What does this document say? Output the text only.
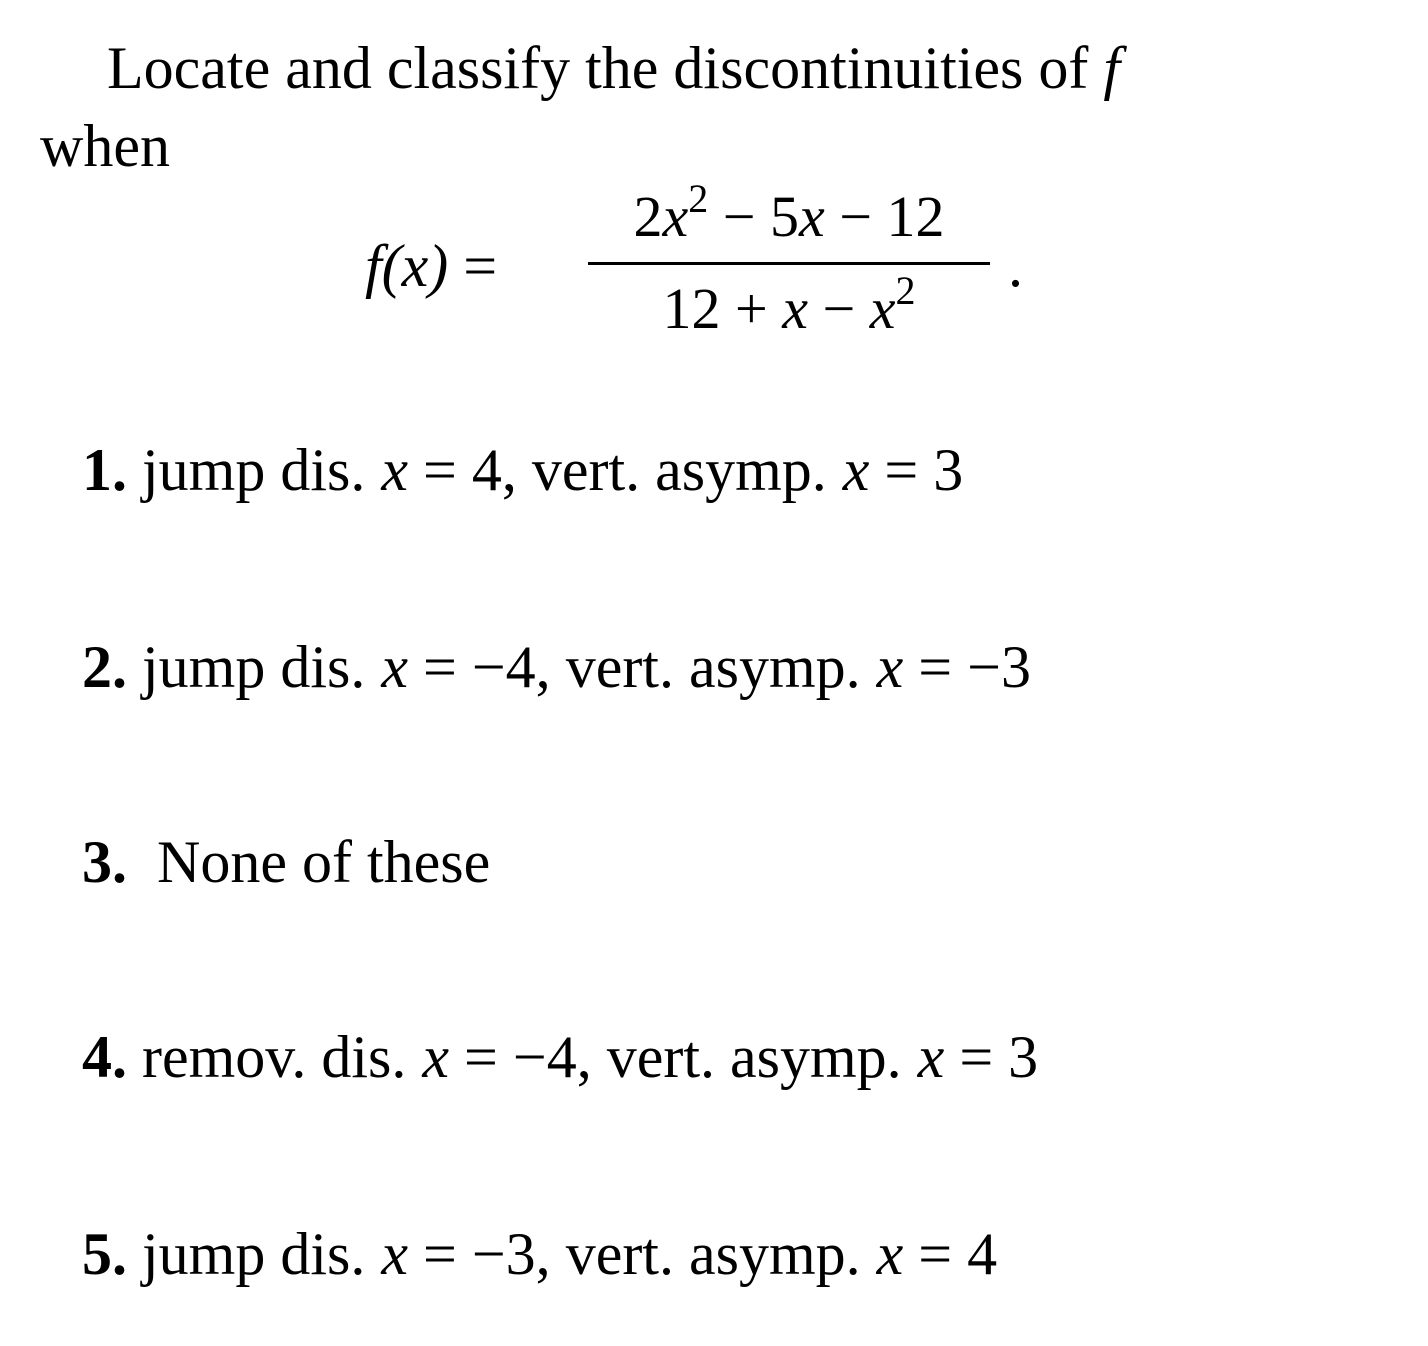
Locate and classify the discontinuities of f
when
f(x) =
$2x^2 - 5x - 12$
$12 + x - x^2$	.
1. jump dis. x = 4, vert. asymp. x = 3
2. jump dis. x = −4, vert. asymp. x = −3
3. None of these
4. remov. dis. x = −4, vert. asymp. x = 3
5. jump dis. x = −3, vert. asymp. x = 4
